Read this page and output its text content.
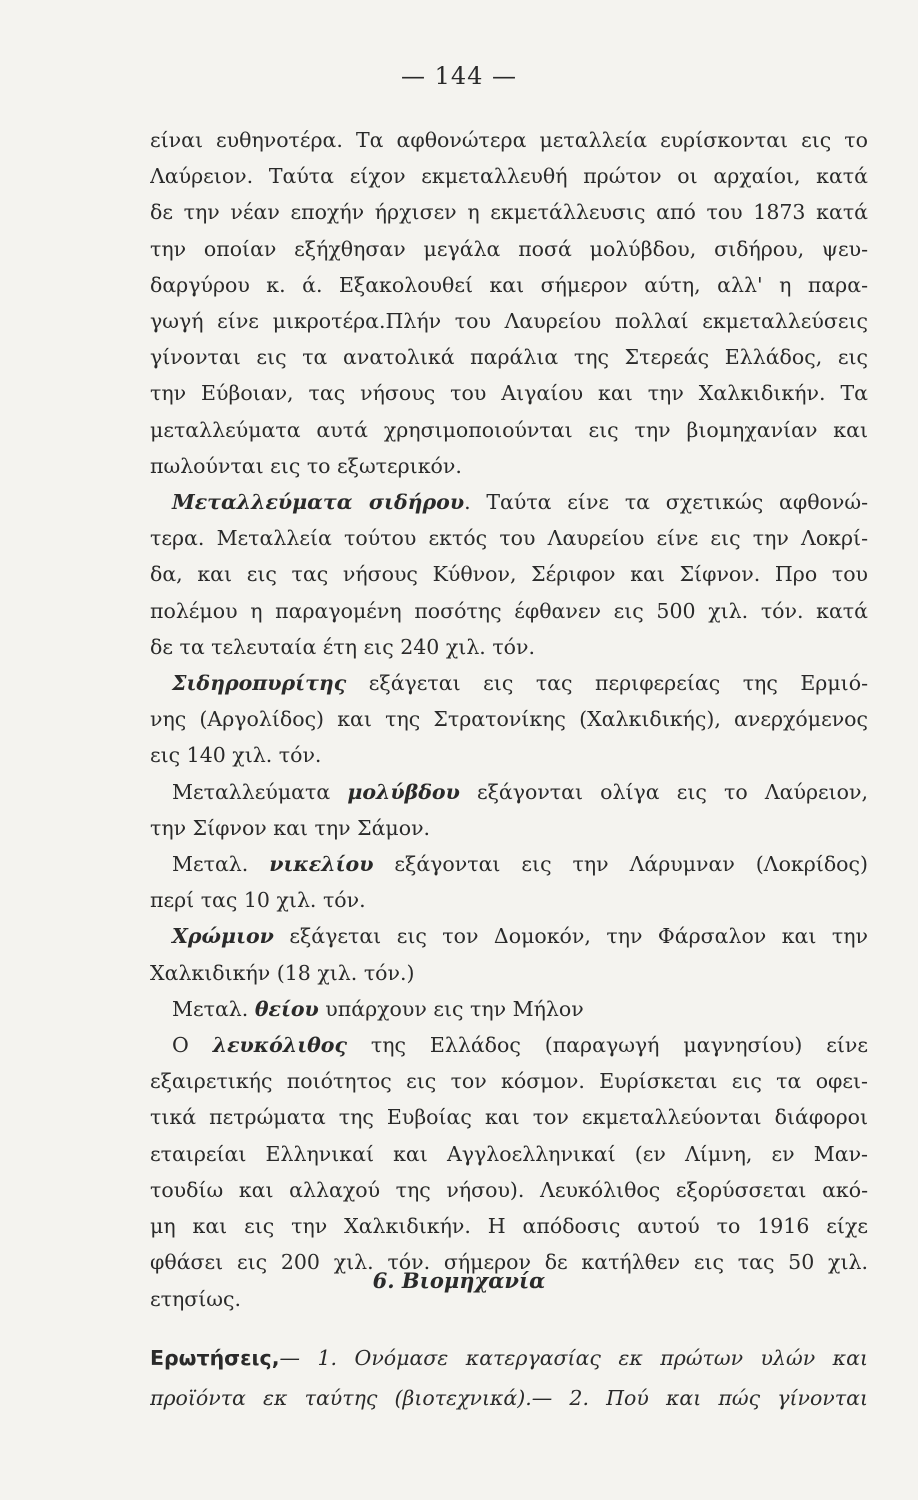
— 144 —
είναι ευθηνοτέρα. Τα αφθονώτερα μεταλλεία ευρίσκονται εις το
Λαύρειον. Ταύτα είχον εκμεταλλευθή πρώτον οι αρχαίοι, κατά
δε την νέαν εποχήν ήρχισεν η εκμετάλλευσις από του 1873 κατά
την οποίαν εξήχθησαν μεγάλα ποσά μολύβδου, σιδήρου, ψευ-
δαργύρου κ. ά. Εξακολουθεί και σήμερον αύτη, αλλ' η παρα-
γωγή είνε μικροτέρα.Πλήν του Λαυρείου πολλαί εκμεταλλεύσεις
γίνονται εις τα ανατολικά παράλια της Στερεάς Ελλάδος, εις
την Εύβοιαν, τας νήσους του Αιγαίου και την Χαλκιδικήν. Τα
μεταλλεύματα αυτά χρησιμοποιούνται εις την βιομηχανίαν και
πωλούνται εις το εξωτερικόν.
Μεταλλεύματα σιδήρου. Ταύτα είνε τα σχετικώς αφθονώ-
τερα. Μεταλλεία τούτου εκτός του Λαυρείου είνε εις την Λοκρί-
δα, και εις τας νήσους Κύθνον, Σέριφον και Σίφνον. Προ του
πολέμου η παραγομένη ποσότης έφθανεν εις 500 χιλ. τόν. κατά
δε τα τελευταία έτη εις 240 χιλ. τόν.
Σιδηροπυρίτης εξάγεται εις τας περιφερείας της Ερμιό-
νης (Αργολίδος) και της Στρατονίκης (Χαλκιδικής), ανερχόμενος
εις 140 χιλ. τόν.
Μεταλλεύματα μολύβδου εξάγονται ολίγα εις το Λαύρειον,
την Σίφνον και την Σάμον.
Μεταλ. νικελίου εξάγονται εις την Λάρυμναν (Λοκρίδος)
περί τας 10 χιλ. τόν.
Χρώμιον εξάγεται εις τον Δομοκόν, την Φάρσαλον και την
Χαλκιδικήν (18 χιλ. τόν.)
Μεταλ. θείου υπάρχουν εις την Μήλον
Ο λευκόλιθος της Ελλάδος (παραγωγή μαγνησίου) είνε
εξαιρετικής ποιότητος εις τον κόσμον. Ευρίσκεται εις τα οφει-
τικά πετρώματα της Ευβοίας και τον εκμεταλλεύονται διάφοροι
εταιρείαι Ελληνικαί και Αγγλοελληνικαί (εν Λίμνη, εν Μαν-
τουδίω και αλλαχού της νήσου). Λευκόλιθος εξορύσσεται ακό-
μη και εις την Χαλκιδικήν. Η απόδοσις αυτού το 1916 είχε
φθάσει εις 200 χιλ. τόν. σήμερον δε κατήλθεν εις τας 50 χιλ.
ετησίως.
6. Βιομηχανία
Ερωτήσεις,— 1. Ονόμασε κατεργασίας εκ πρώτων υλών και
προϊόντα εκ ταύτης (βιοτεχνικά).— 2. Πού και πώς γίνονται
